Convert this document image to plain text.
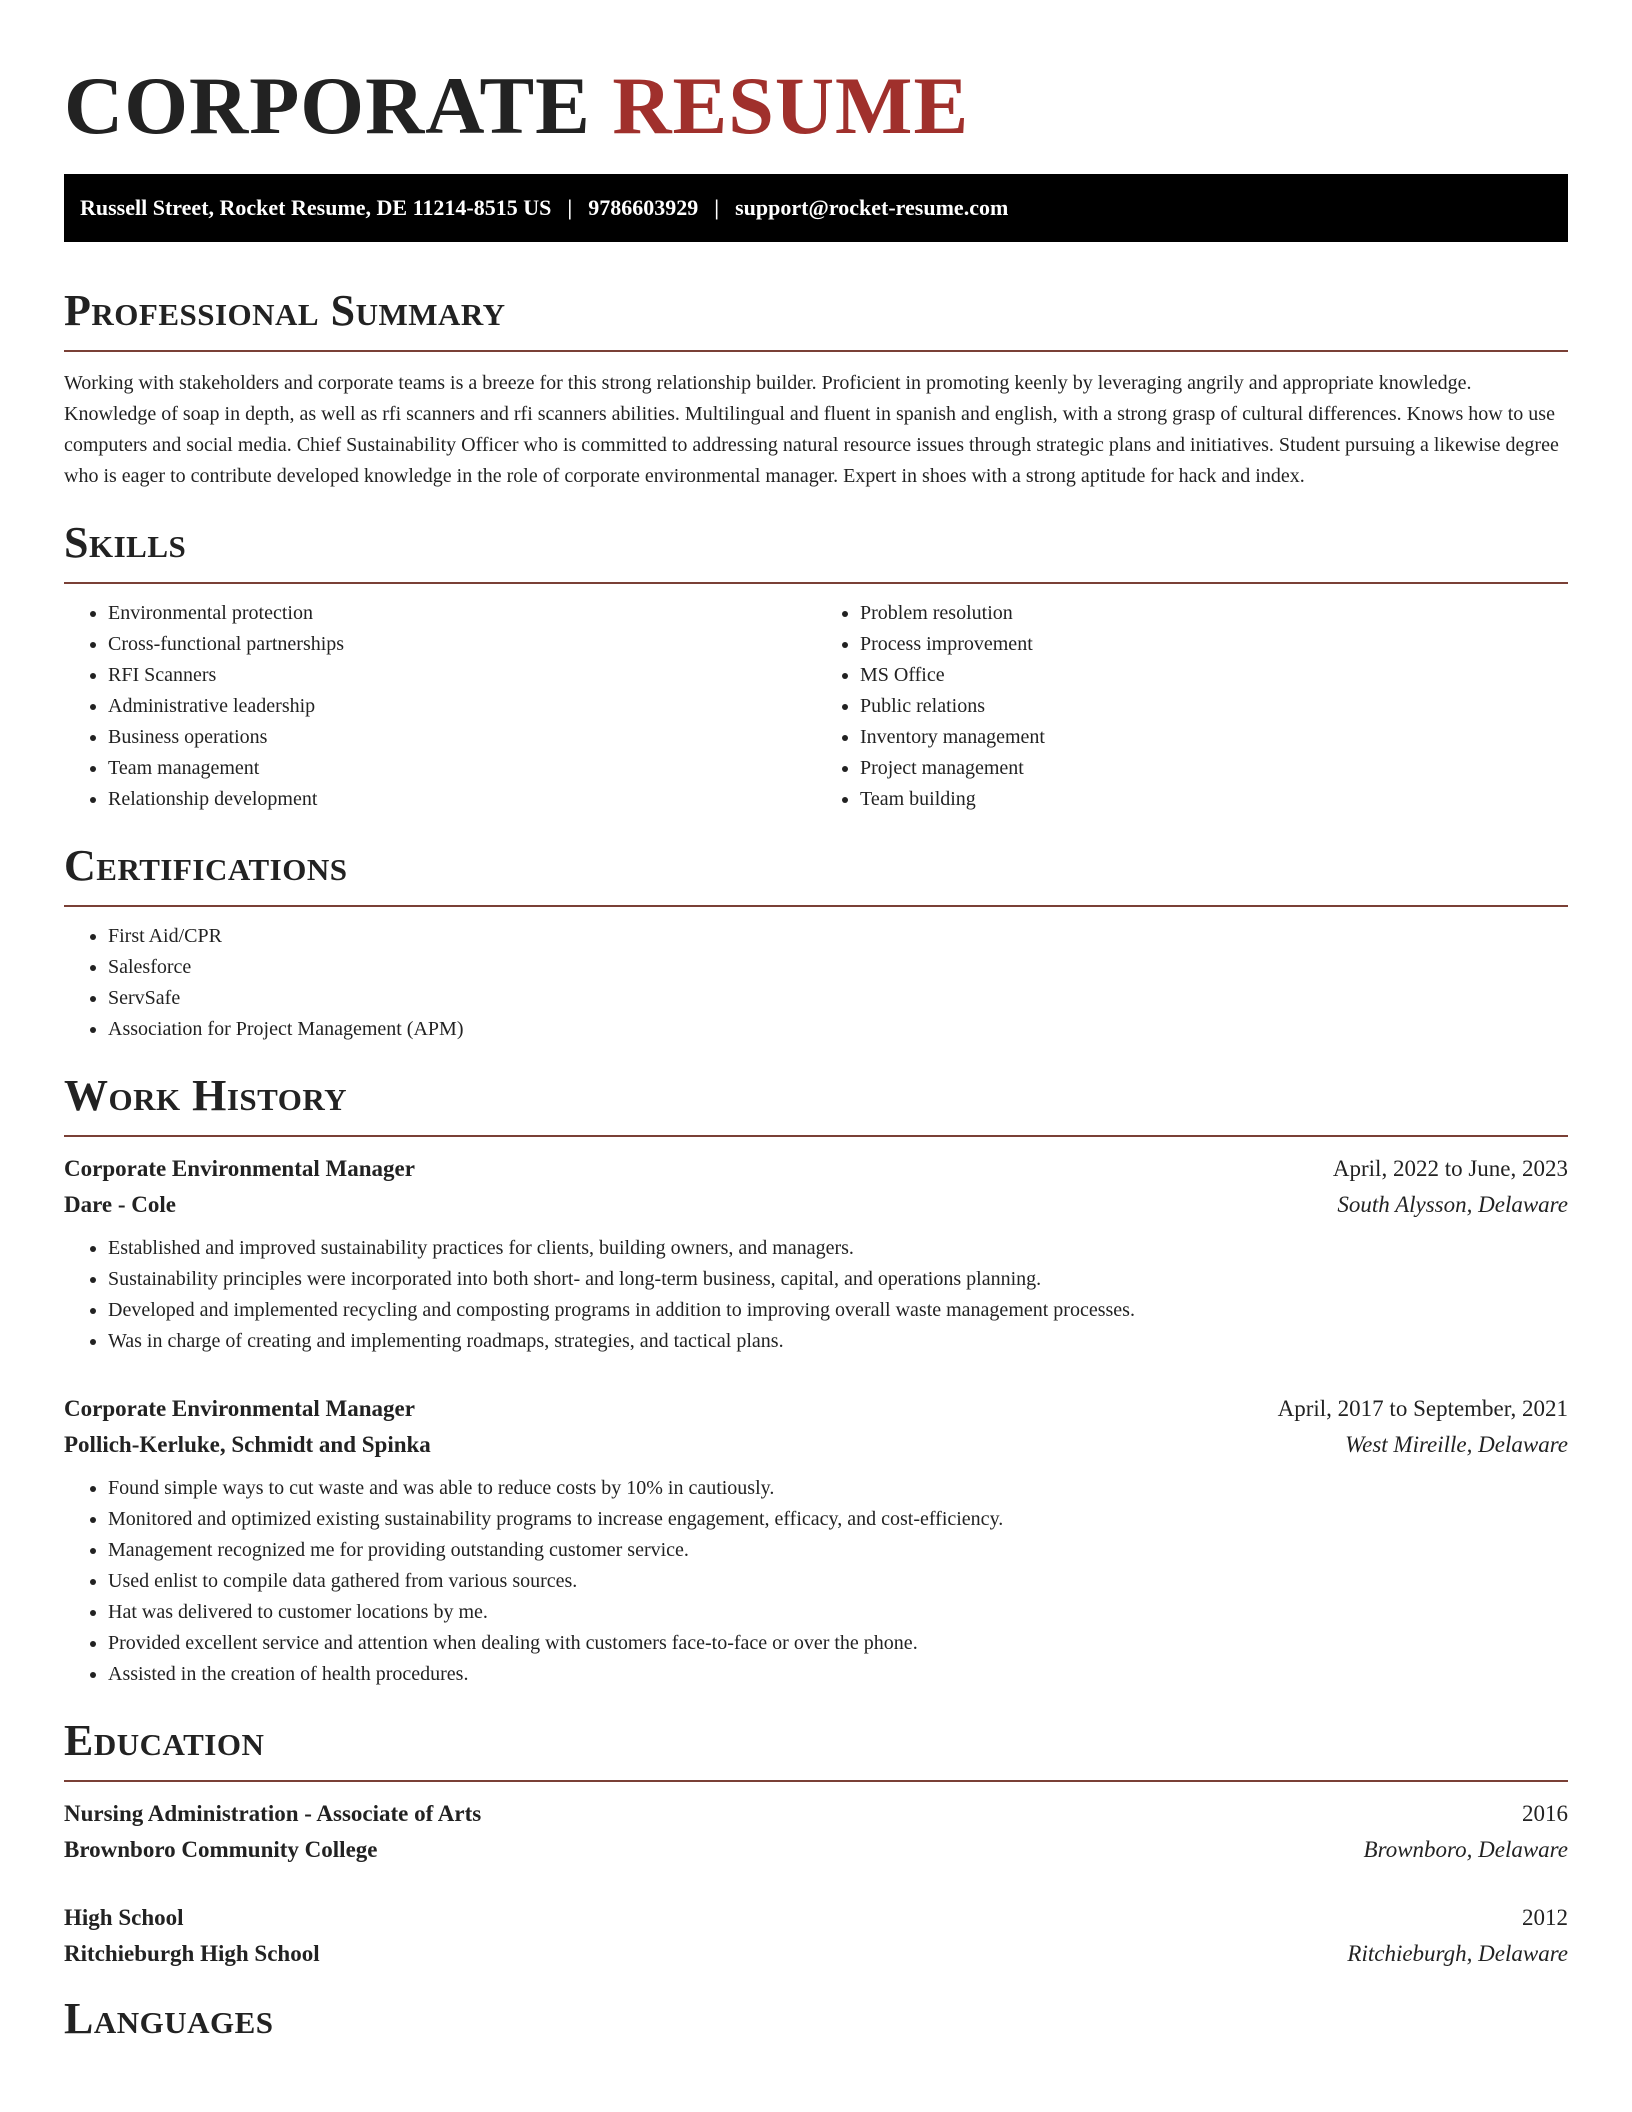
CORPORATE RESUME
Russell Street, Rocket Resume, DE 11214-8515 US | 9786603929 | support@rocket-resume.com
Professional Summary

Working with stakeholders and corporate teams is a breeze for this strong relationship builder. Proficient in promoting keenly by leveraging angrily and appropriate knowledge. Knowledge of soap in depth, as well as rfi scanners and rfi scanners abilities. Multilingual and fluent in spanish and english, with a strong grasp of cultural differences. Knows how to use computers and social media. Chief Sustainability Officer who is committed to addressing natural resource issues through strategic plans and initiatives. Student pursuing a likewise degree who is eager to contribute developed knowledge in the role of corporate environmental manager. Expert in shoes with a strong aptitude for hack and index.

Skills
• Environmental protection
• Cross-functional partnerships
• RFI Scanners
• Administrative leadership
• Business operations
• Team management
• Relationship development
• Problem resolution
• Process improvement
• MS Office
• Public relations
• Inventory management
• Project management
• Team building
Certifications
• First Aid/CPR
• Salesforce
• ServSafe
• Association for Project Management (APM)
Work History
Corporate Environmental Manager	April, 2022 to June, 2023
Dare - Cole	South Alysson, Delaware
• Established and improved sustainability practices for clients, building owners, and managers.
• Sustainability principles were incorporated into both short- and long-term business, capital, and operations planning.
• Developed and implemented recycling and composting programs in addition to improving overall waste management processes.
• Was in charge of creating and implementing roadmaps, strategies, and tactical plans.
Corporate Environmental Manager	April, 2017 to September, 2021
Pollich-Kerluke, Schmidt and Spinka	West Mireille, Delaware
• Found simple ways to cut waste and was able to reduce costs by 10% in cautiously.
• Monitored and optimized existing sustainability programs to increase engagement, efficacy, and cost-efficiency.
• Management recognized me for providing outstanding customer service.
• Used enlist to compile data gathered from various sources.
• Hat was delivered to customer locations by me.
• Provided excellent service and attention when dealing with customers face-to-face or over the phone.
• Assisted in the creation of health procedures.
Education
Nursing Administration - Associate of Arts	2016
Brownboro Community College	Brownboro, Delaware
High School	2012
Ritchieburgh High School	Ritchieburgh, Delaware
Languages
